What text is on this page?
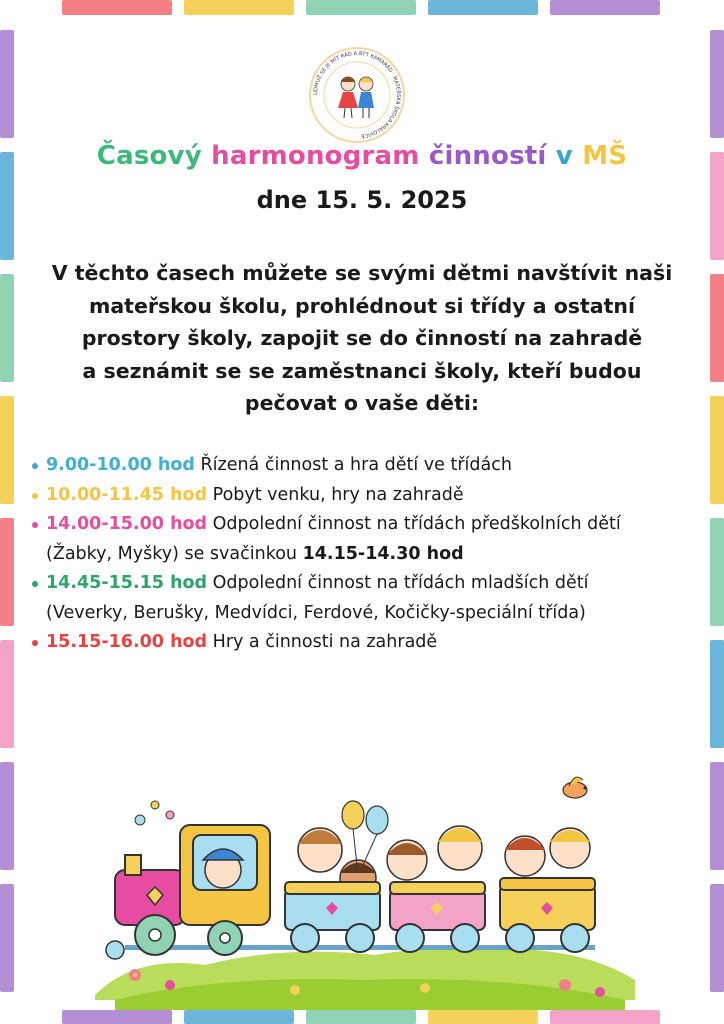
UDMUŽ SE JE MÍT RÁD A BÝT KAMARÁD · MATEŘSKÁ ŠKOLA KRALOVICE
Časový harmonogram činností v MŠ
dne 15. 5. 2025
V těchto časech můžete se svými dětmi navštívit naši
mateřskou školu, prohlédnout si třídy a ostatní
prostory školy, zapojit se do činností na zahradě
a seznámit se se zaměstnanci školy, kteří budou
pečovat o vaše děti:
9.00-10.00 hod Řízená činnost a hra dětí ve třídách
10.00-11.45 hod Pobyt venku, hry na zahradě
14.00-15.00 hod Odpolední činnost na třídách předškolních dětí
(Žabky, Myšky) se svačinkou 14.15-14.30 hod
14.45-15.15 hod Odpolední činnost na třídách mladších dětí
(Veverky, Berušky, Medvídci, Ferdové, Kočičky-speciální třída)
15.15-16.00 hod Hry a činnosti na zahradě
